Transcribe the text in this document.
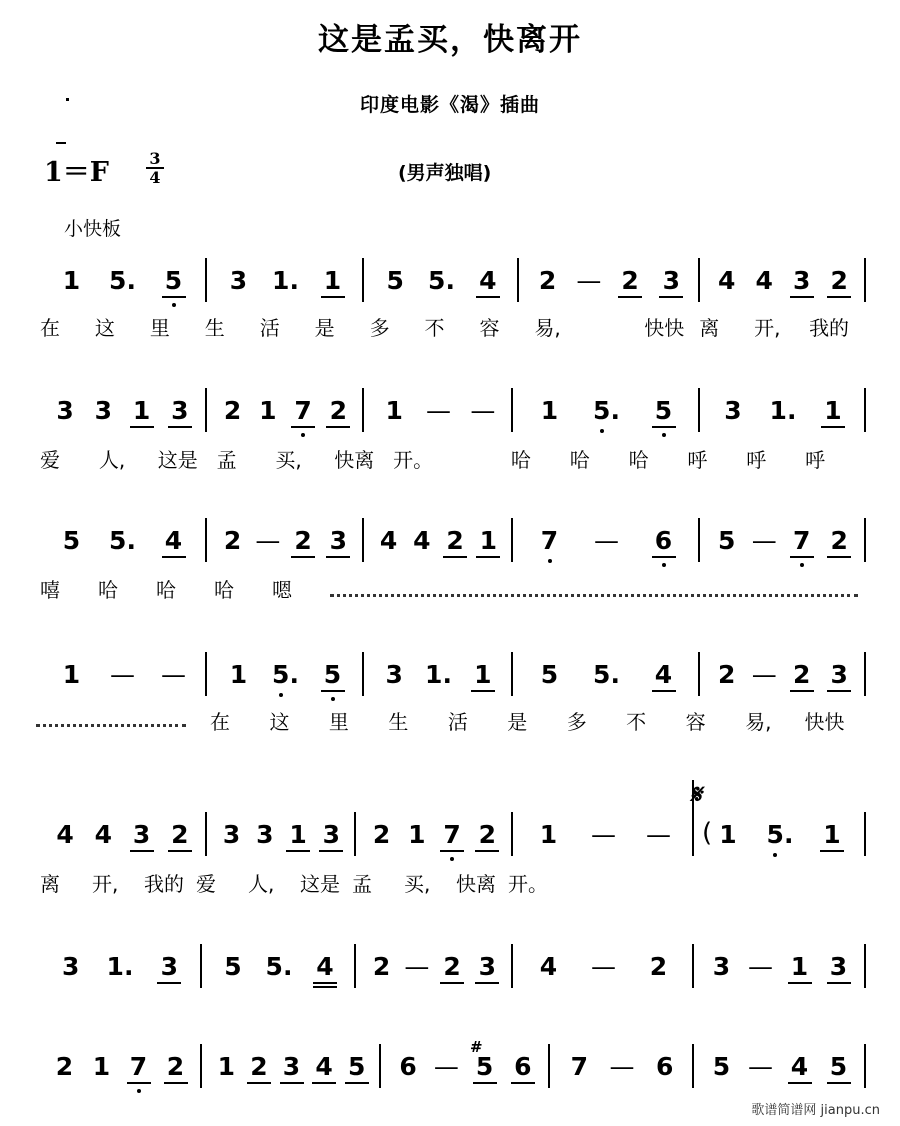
这是孟买，快离开
印度电影《渴》插曲
$1=F \frac{3}{4}$	(男声独唱)
小快板
1 5. 5 3 1. 1 5 5. 4 2 — 2 3 4 4 3 2
在 这 里 生 活 是 多 不 容 易,	快快 离 开, 我的
3 3 1 3 2 1 7 2 1 — — 1 5. 5 3 1. 1
爱 人, 这是 孟 买, 快离 开。	哈 哈 哈 呼 呼 呼
5 5. 4 2 — 2 3 4 4 2 1 7 — 6 5 — 7 2
嘻 哈 哈 哈 嗯
1 — — 1 5. 5 3 1. 1 5 5. 4 2 — 2 3
在 这 里 生 活 是 多 不 容 易, 快快
4 4 3 2 3 3 1 3 2 1 7 2 1 — — 1 5. 1
离 开, 我的 爱 人, 这是 孟 买, 快离 开。
3 1. 3 5 5. 4 2 — 2 3 4 — 2 3 — 1 3
2 1 7 2 1 2 3 4 5 6 — 5 6 7 — 6 5 — 4 5
𝄋
(
#
歌谱简谱网 jianpu.cn
